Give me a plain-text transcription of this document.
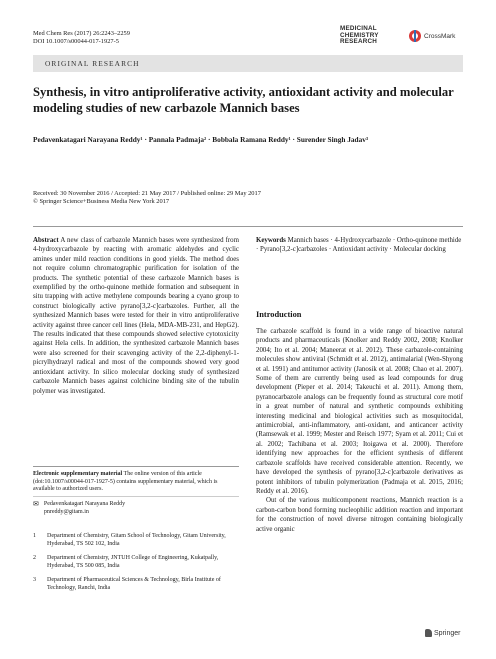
Med Chem Res (2017) 26:2243–2259
DOI 10.1007/s00044-017-1927-5
MEDICINAL
CHEMISTRY
RESEARCH
CrossMark
ORIGINAL RESEARCH
Synthesis, in vitro antiproliferative activity, antioxidant activity and molecular modeling studies of new carbazole Mannich bases
Pedavenkatagari Narayana Reddy¹ · Pannala Padmaja² · Bobbala Ramana Reddy¹ · Surender Singh Jadav³
Received: 30 November 2016 / Accepted: 21 May 2017 / Published online: 29 May 2017
© Springer Science+Business Media New York 2017
Abstract A new class of carbazole Mannich bases were synthesized from 4-hydroxycarbazole by reacting with aromatic aldehydes and cyclic amines under mild reaction conditions in good yields. The method does not require column chromatographic purification for isolation of the products. The synthetic potential of these carbazole Mannich bases is exemplified by the ortho-quinone methide formation and subsequent in situ trapping with active methylene compounds bearing a cyano group to construct biologically active pyrano[3,2-c]carbazoles. Further, all the synthesized Mannich bases were tested for their in vitro antiproliferative activity against three cancer cell lines (Hela, MDA-MB-231, and HepG2). The results indicated that these compounds showed selective cytotoxicity against Hela cells. In addition, the synthesized carbazole Mannich bases were also screened for their scavenging activity of the 2,2-diphenyl-1-picrylhydrazyl radical and most of the compounds showed very good antioxidant activity. In silico molecular docking study of synthesized carbazole Mannich bases against colchicine binding site of the tubulin polymer was investigated.
Electronic supplementary material The online version of this article (doi:10.1007/s00044-017-1927-5) contains supplementary material, which is available to authorized users.
✉ Pedavenkatagari Narayana Reddy
pnreddy@gitam.in
1	Department of Chemistry, Gitam School of Technology, Gitam University, Hyderabad, TS 502 102, India
2	Department of Chemistry, JNTUH College of Engineering, Kukatpally, Hyderabad, TS 500 085, India
3	Department of Pharmaceutical Sciences & Technology, Birla Institute of Technology, Ranchi, India
Keywords Mannich bases · 4-Hydroxycarbazole · Ortho-quinone methide · Pyrano[3,2-c]carbazoles · Antioxidant activity · Molecular docking
Introduction
The carbazole scaffold is found in a wide range of bioactive natural products and pharmaceuticals (Knolker and Reddy 2002, 2008; Knolker 2004; Ito et al. 2004; Maneerat et al. 2012). These carbazole-containing molecules show antiviral (Schmidt et al. 2012), antimalarial (Wen-Shyong et al. 1991) and antitumor activity (Janosik et al. 2008; Chao et al. 2007). Some of them are currently being used as lead compounds for drug development (Pieper et al. 2014; Takeuchi et al. 2011). Among them, pyranocarbazole analogs can be frequently found as structural core motif in a great number of natural and synthetic compounds exhibiting interesting medicinal and biological activities such as mosquitocidal, antimicrobial, anti-inflammatory, anti-oxidant, and anticancer activity (Ramsewak et al. 1999; Mester and Reisch 1977; Syam et al. 2011; Cui et al. 2002; Tachibana et al. 2003; Itoigawa et al. 2000). Therefore identifying new approaches for the efficient synthesis of different carbazole scaffolds have received considerable attention. Recently, we have developed the synthesis of pyrano[3,2-c]carbazole derivatives as potent inhibitors of tubulin polymerization (Padmaja et al. 2015, 2016; Reddy et al. 2016).
Out of the various multicomponent reactions, Mannich reaction is a carbon-carbon bond forming nucleophilic addition reaction and important for the construction of novel diverse nitrogen containing biologically active organic
Springer
